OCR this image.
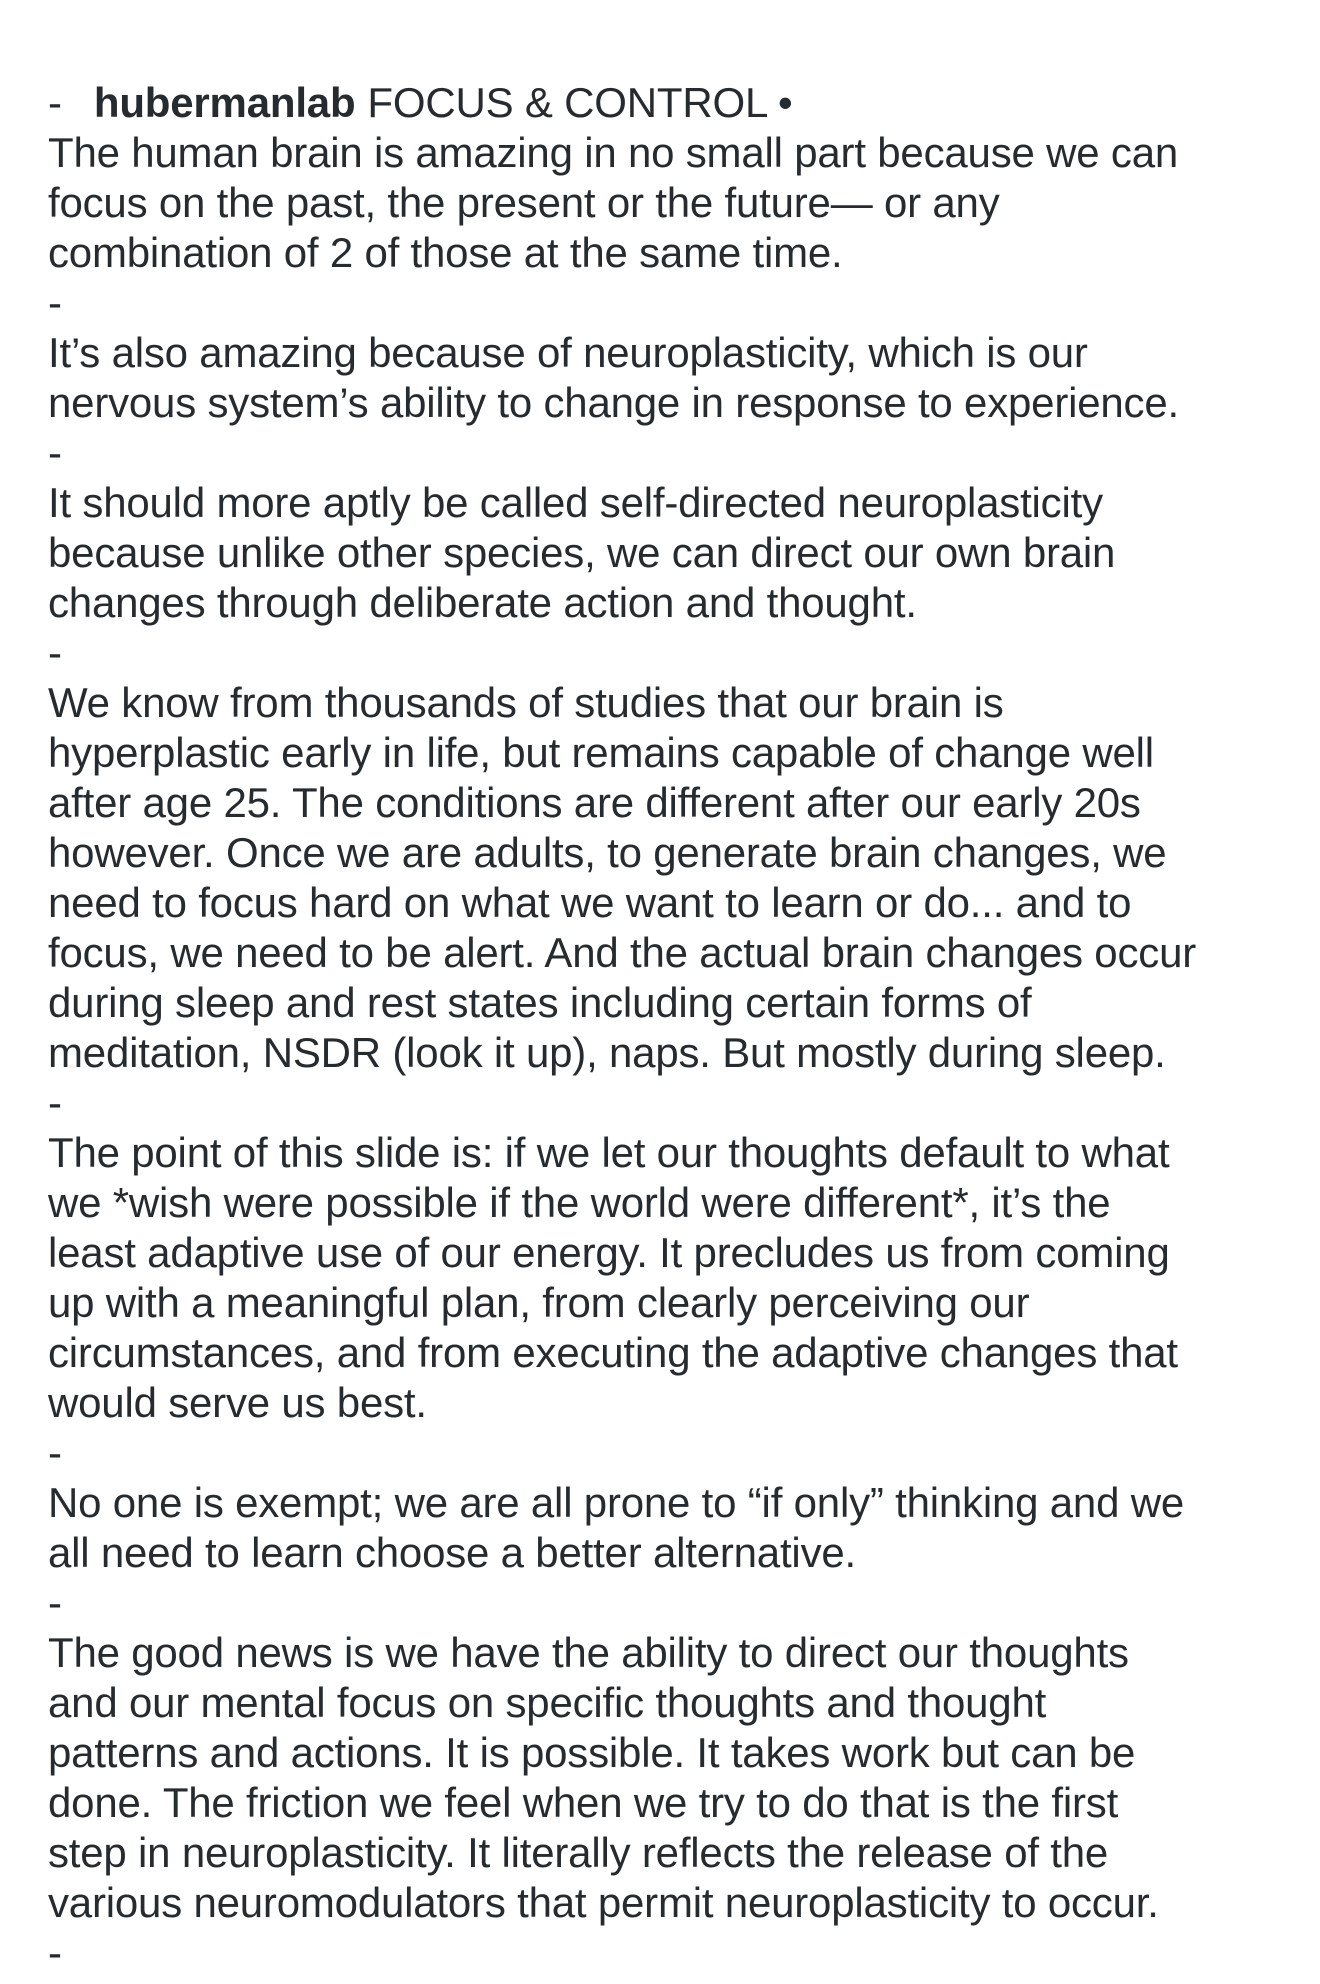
hubermanlab FOCUS & CONTROL •

-
The human brain is amazing in no small part because we can
focus on the past, the present or the future— or any
combination of 2 of those at the same time.
-
It’s also amazing because of neuroplasticity, which is our
nervous system’s ability to change in response to experience.
-
It should more aptly be called self-directed neuroplasticity
because unlike other species, we can direct our own brain
changes through deliberate action and thought.
-
We know from thousands of studies that our brain is
hyperplastic early in life, but remains capable of change well
after age 25. The conditions are different after our early 20s
however. Once we are adults, to generate brain changes, we
need to focus hard on what we want to learn or do... and to
focus, we need to be alert. And the actual brain changes occur
during sleep and rest states including certain forms of
meditation, NSDR (look it up), naps. But mostly during sleep.
-
The point of this slide is: if we let our thoughts default to what
we *wish were possible if the world were different*, it’s the
least adaptive use of our energy. It precludes us from coming
up with a meaningful plan, from clearly perceiving our
circumstances, and from executing the adaptive changes that
would serve us best.
-
No one is exempt; we are all prone to “if only” thinking and we
all need to learn choose a better alternative.
-
The good news is we have the ability to direct our thoughts
and our mental focus on specific thoughts and thought
patterns and actions. It is possible. It takes work but can be
done. The friction we feel when we try to do that is the first
step in neuroplasticity. It literally reflects the release of the
various neuromodulators that permit neuroplasticity to occur.
-
